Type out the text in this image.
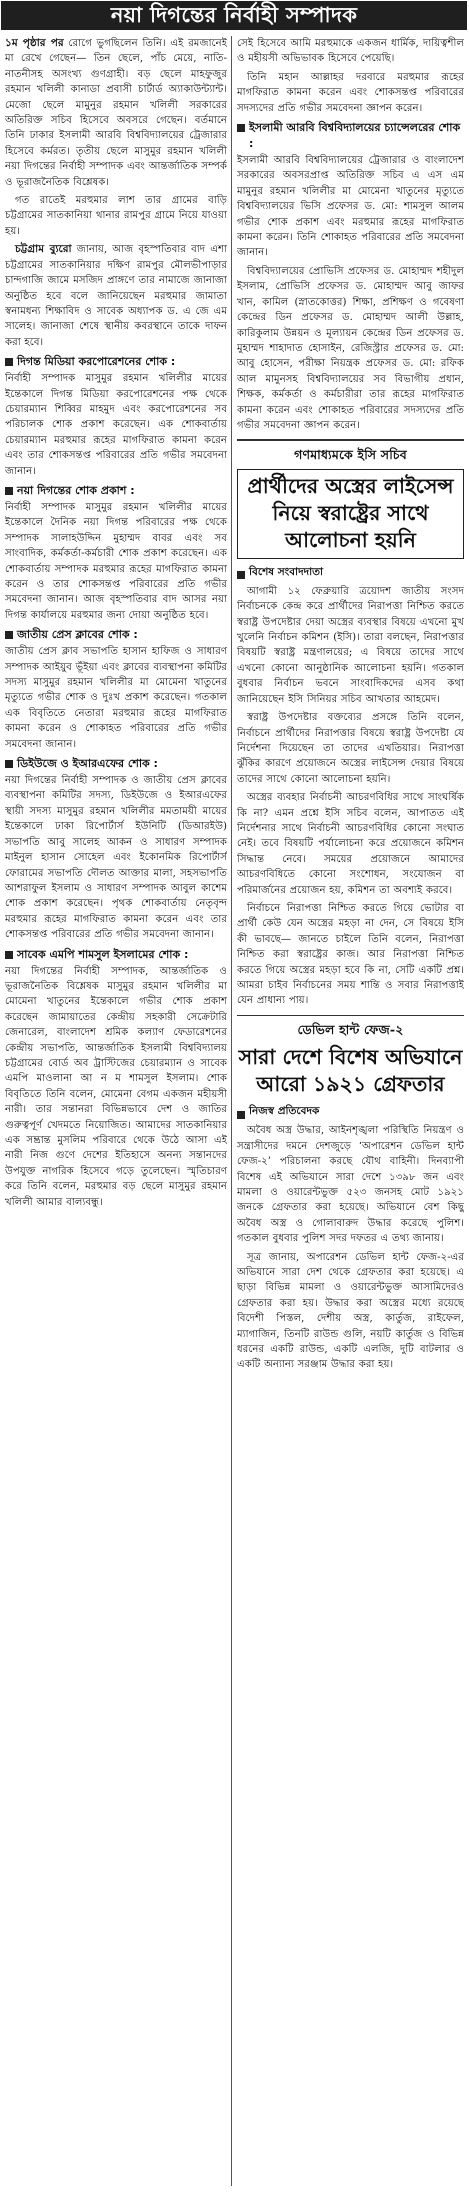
নয়া দিগন্তের নির্বাহী সম্পাদক

১ম পৃষ্ঠার পর রোগে ভুগছিলেন তিনি। এই রমজানেই মা রেখে গেছেন— তিন ছেলে, পাঁচ মেয়ে, নাতি-নাতনীসহ অসংখ্য গুণগ্রাহী। বড় ছেলে মাহফুজুর রহমান খলিলী কানাডা প্রবাসী চার্টার্ড অ্যাকাউন্ট্যান্ট। মেজো ছেলে মামুনুর রহমান খলিলী সরকারের অতিরিক্ত সচিব হিসেবে অবসরে গেছেন। বর্তমানে তিনি ঢাকার ইসলামী আরবি বিশ্ববিদ্যালয়ের ট্রেজারার হিসেবে কর্মরত। তৃতীয় ছেলে মাসুমুর রহমান খলিলী নয়া দিগন্তের নির্বাহী সম্পাদক এবং আন্তর্জাতিক সম্পর্ক ও ভূরাজনৈতিক বিশ্লেষক।

গত রাতেই মরহুমার লাশ তার গ্রামের বাড়ি চট্টগ্রামের সাতকানিয়া থানার রামপুর গ্রামে নিয়ে যাওয়া হয়।

চট্টগ্রাম ব্যুরো জানায়, আজ বৃহস্পতিবার বাদ এশা চট্টগ্রামের সাতকানিয়ার দক্ষিণ রামপুর মৌলভীপাড়ার চান্দগাজি জামে মসজিদ প্রাঙ্গণে তার নামাজে জানাজা অনুষ্ঠিত হবে বলে জানিয়েছেন মরহুমার জামাতা স্বনামধন্য শিক্ষাবিদ ও সাবেক অধ্যাপক ড. এ জে এম সালেহ। জানাজা শেষে স্থানীয় কবরস্থানে তাকে দাফন করা হবে।

দিগন্ত মিডিয়া করপোরেশনের শোক :

নির্বাহী সম্পাদক মাসুমুর রহমান খলিলীর মায়ের ইন্তেকালে দিগন্ত মিডিয়া করপোরেশনের পক্ষ থেকে চেয়ারম্যান শিব্বির মাহমুদ এবং করপোরেশনের সব পরিচালক শোক প্রকাশ করেছেন। এক শোকবার্তায় চেয়ারম্যান মরহুমার রূহের মাগফিরাত কামনা করেন এবং তার শোকসন্তপ্ত পরিবারের প্রতি গভীর সমবেদনা জানান।

নয়া দিগন্তের শোক প্রকাশ :

নির্বাহী সম্পাদক মাসুমুর রহমান খলিলীর মায়ের ইন্তেকালে দৈনিক নয়া দিগন্ত পরিবারের পক্ষ থেকে সম্পাদক সালাহউদ্দিন মুহাম্মদ বাবর এবং সব সাংবাদিক, কর্মকর্তা-কর্মচারী শোক প্রকাশ করেছেন। এক শোকবার্তায় সম্পাদক মরহুমার রূহের মাগফিরাত কামনা করেন ও তার শোকসন্তপ্ত পরিবারের প্রতি গভীর সমবেদনা জানান। আজ বৃহস্পতিবার বাদ আসর নয়া দিগন্ত কার্যালয়ে মরহুমার জন্য দোয়া অনুষ্ঠিত হবে।

জাতীয় প্রেস ক্লাবের শোক :

জাতীয় প্রেস ক্লাব সভাপতি হাসান হাফিজ ও সাধারণ সম্পাদক আইয়ুব ভূঁইয়া এবং ক্লাবের ব্যবস্থাপনা কমিটির সদস্য মাসুমুর রহমান খলিলীর মা মোমেনা খাতুনের মৃত্যুতে গভীর শোক ও দুঃখ প্রকাশ করেছেন। গতকাল এক বিবৃতিতে নেতারা মরহুমার রূহের মাগফিরাত কামনা করেন ও শোকাহত পরিবারের প্রতি গভীর সমবেদনা জানান।

ডিইউজে ও ইআরএফের শোক :

নয়া দিগন্তের নির্বাহী সম্পাদক ও জাতীয় প্রেস ক্লাবের ব্যবস্থাপনা কমিটির সদস্য, ডিইউজে ও ইআরএফের স্থায়ী সদস্য মাসুমুর রহমান খলিলীর মমতাময়ী মায়ের ইন্তেকালে ঢাকা রিপোর্টার্স ইউনিটি (ডিআরইউ) সভাপতি আবু সালেহ আকন ও সাধারণ সম্পাদক মাইনুল হাসান সোহেল এবং ইকোনমিক রিপোর্টার্স ফোরামের সভাপতি দৌলত আক্তার মালা, সহসভাপতি আশরাফুল ইসলাম ও সাধারণ সম্পাদক আবুল কাশেম শোক প্রকাশ করেছেন। পৃথক শোকবার্তায় নেতৃবৃন্দ মরহুমার রূহের মাগফিরাত কামনা করেন এবং তার শোকসন্তপ্ত পরিবারের প্রতি গভীর সমবেদনা জানান।

সাবেক এমপি শামসুল ইসলামের শোক :

নয়া দিগন্তের নির্বাহী সম্পাদক, আন্তর্জাতিক ও ভূরাজনৈতিক বিশ্লেষক মাসুমুর রহমান খলিলীর মা মোমেনা খাতুনের ইন্তেকালে গভীর শোক প্রকাশ করেছেন জামায়াতের কেন্দ্রীয় সহকারী সেক্রেটারি জেনারেল, বাংলাদেশ শ্রমিক কল্যাণ ফেডারেশনের কেন্দ্রীয় সভাপতি, আন্তর্জাতিক ইসলামী বিশ্ববিদ্যালয় চট্টগ্রামের বোর্ড অব ট্রাস্টিজের চেয়ারম্যান ও সাবেক এমপি মাওলানা আ ন ম শামসুল ইসলাম। শোক বিবৃতিতে তিনি বলেন, মোমেনা বেগম একজন মহীয়সী নারী। তার সন্তানরা বিভিন্নভাবে দেশ ও জাতির গুরুত্বপূর্ণ খেদমতে নিয়োজিত। আমাদের সাতকানিয়ার এক সম্ভ্রান্ত মুসলিম পরিবারে থেকে উঠে আসা এই নারী নিজ গুণে দেশের ইতিহাসে অনন্য সন্তানদের উপযুক্ত নাগরিক হিসেবে গড়ে তুলেছেন। স্মৃতিচারণ করে তিনি বলেন, মরহুমার বড় ছেলে মাসুমুর রহমান খলিলী আমার বাল্যবন্ধু।

সেই হিসেবে আমি মরহুমাকে একজন ধার্মিক, দায়িত্বশীল ও মহীয়সী অভিভাবক হিসেবে পেয়েছি।

তিনি মহান আল্লাহর দরবারে মরহুমার রূহের মাগফিরাত কামনা করেন এবং শোকসন্তপ্ত পরিবারের সদস্যদের প্রতি গভীর সমবেদনা জ্ঞাপন করেন।

ইসলামী আরবি বিশ্ববিদ্যালয়ের চ্যান্সেলরের শোক :

ইসলামী আরবি বিশ্ববিদ্যালয়ের ট্রেজারার ও বাংলাদেশ সরকারের অবসরপ্রাপ্ত অতিরিক্ত সচিব এ এস এম মামুনুর রহমান খলিলীর মা মোমেনা খাতুনের মৃত্যুতে বিশ্ববিদ্যালয়ের ভিসি প্রফেসর ড. মো: শামসুল আলম গভীর শোক প্রকাশ এবং মরহুমার রূহের মাগফিরাত কামনা করেন। তিনি শোকাহত পরিবারের প্রতি সমবেদনা জানান।

বিশ্ববিদ্যালয়ের প্রোভিসি প্রফেসর ড. মোহাম্মদ শহীদুল ইসলাম, প্রোভিসি প্রফেসর ড. মোহাম্মদ আবু জাফর খান, কামিল (স্নাতকোত্তর) শিক্ষা, প্রশিক্ষণ ও গবেষণা কেন্দ্রের ডিন প্রফেসর ড. মোহাম্মদ আলী উল্লাহ, কারিকুলাম উন্নয়ন ও মূল্যায়ন কেন্দ্রের ডিন প্রফেসর ড. মুহাম্মদ শাহাদাত হোসাইন, রেজিস্ট্রার প্রফেসর ড. মো: আবু হোসেন, পরীক্ষা নিয়ন্ত্রক প্রফেসর ড. মো: রফিক আল মামুনসহ বিশ্ববিদ্যালয়ের সব বিভাগীয় প্রধান, শিক্ষক, কর্মকর্তা ও কর্মচারীরা তার রূহের মাগফিরাত কামনা করেন এবং শোকাহত পরিবারের সদস্যদের প্রতি গভীর সমবেদনা জ্ঞাপন করেন।

গণমাধ্যমকে ইসি সচিব
প্রার্থীদের অস্ত্রের লাইসেন্স নিয়ে স্বরাষ্ট্রের সাথে আলোচনা হয়নি
বিশেষ সংবাদদাতা

আগামী ১২ ফেব্রুয়ারি ত্রয়োদশ জাতীয় সংসদ নির্বাচনকে কেন্দ্র করে প্রার্থীদের নিরাপত্তা নিশ্চিত করতে স্বরাষ্ট্র উপদেষ্টার দেয়া অস্ত্রের ব্যবস্থার বিষয়ে এখনো মুখ খুলেনি নির্বাচন কমিশন (ইসি)। তারা বলছেন, নিরাপত্তার বিষয়টি স্বরাষ্ট্র মন্ত্রণালয়ের; এ বিষয়ে তাদের সাথে এখনো কোনো আনুষ্ঠানিক আলোচনা হয়নি। গতকাল বুধবার নির্বাচন ভবনে সাংবাদিকদের এসব কথা জানিয়েছেন ইসি সিনিয়র সচিব আখতার আহমেদ।

স্বরাষ্ট্র উপদেষ্টার বক্তব্যের প্রসঙ্গে তিনি বলেন, নির্বাচনে প্রার্থীদের নিরাপত্তার বিষয়ে স্বরাষ্ট্র উপদেষ্টা যে নির্দেশনা দিয়েছেন তা তাদের এখতিয়ার। নিরাপত্তা ঝুঁকির কারণে প্রয়োজনে অস্ত্রের লাইসেন্স দেয়ার বিষয়ে তাদের সাথে কোনো আলোচনা হয়নি।

অস্ত্রের ব্যবহার নির্বাচনী আচরণবিধির সাথে সাংঘর্ষিক কি না? এমন প্রশ্নে ইসি সচিব বলেন, আপাতত এই নির্দেশনার সাথে নির্বাচনী আচরণবিধির কোনো সংঘাত নেই। তবে বিষয়টি পর্যালোচনা করে প্রয়োজনে কমিশন সিদ্ধান্ত নেবে। সময়ের প্রয়োজনে আমাদের আচরণবিধিতে কোনো সংশোধন, সংযোজন বা পরিমার্জনের প্রয়োজন হয়, কমিশন তা অবশ্যই করবে।

নির্বাচনে নিরাপত্তা নিশ্চিত করতে গিয়ে ভোটার বা প্রার্থী কেউ যেন অস্ত্রের মহড়া না দেন, সে বিষয়ে ইসি কী ভাবছে— জানতে চাইলে তিনি বলেন, নিরাপত্তা নিশ্চিত করা স্বরাষ্ট্রের কাজ। আর নিরাপত্তা নিশ্চিত করতে গিয়ে অস্ত্রের মহড়া হবে কি না, সেটি একটি প্রশ্ন। আমরা চাইব নির্বাচনের সময় শান্তি ও সবার নিরাপত্তাই যেন প্রাধান্য পায়।

ডেভিল হান্ট ফেজ-২
সারা দেশে বিশেষ অভিযানে আরো ১৯২১ গ্রেফতার
নিজস্ব প্রতিবেদক

অবৈধ অস্ত্র উদ্ধার, আইনশৃঙ্খলা পরিস্থিতি নিয়ন্ত্রণ ও সন্ত্রাসীদের দমনে দেশজুড়ে ‘অপারেশন ডেভিল হান্ট ফেজ-২’ পরিচালনা করছে যৌথ বাহিনী। দিনব্যাপী বিশেষ এই অভিযানে সারা দেশে ১৩৯৮ জন এবং মামলা ও ওয়ারেন্টভুক্ত ৫২৩ জনসহ মোট ১৯২১ জনকে গ্রেফতার করা হয়েছে। অভিযানে বেশ কিছু অবৈধ অস্ত্র ও গোলাবারুদ উদ্ধার করেছে পুলিশ। গতকাল বুধবার পুলিশ সদর দফতর এ তথ্য জানায়।

সূত্র জানায়, অপারেশন ডেভিল হান্ট ফেজ-২-এর অভিযানে সারা দেশ থেকে গ্রেফতার করা হয়েছে। এ ছাড়া বিভিন্ন মামলা ও ওয়ারেন্টভুক্ত আসামিদেরও গ্রেফতার করা হয়। উদ্ধার করা অস্ত্রের মধ্যে রয়েছে বিদেশী পিস্তল, দেশীয় অস্ত্র, কার্তুজ, রাইফেল, ম্যাগাজিন, তিনটি রাউন্ড গুলি, নয়টি কার্তুজ ও বিভিন্ন ধরনের একটি রাউন্ড, একটি এলজি, দুটি বাটলার ও একটি অন্যান্য সরঞ্জাম উদ্ধার করা হয়।
